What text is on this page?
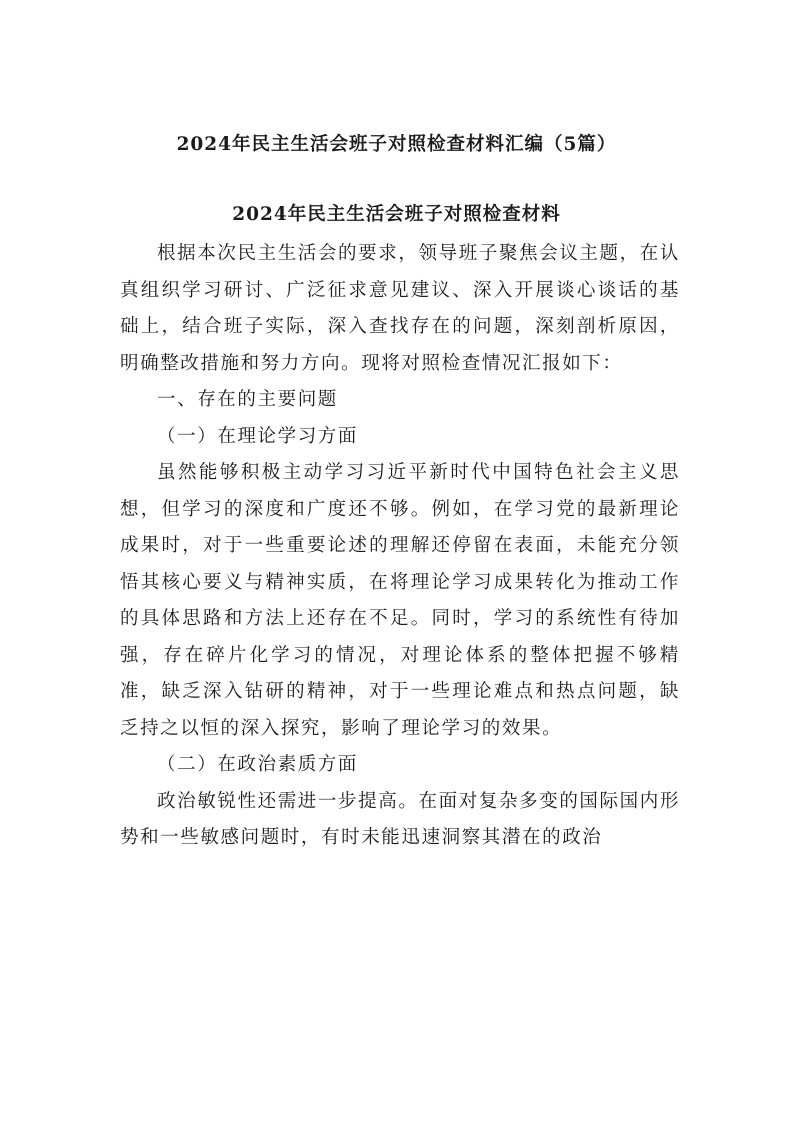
2024年民主生活会班子对照检查材料汇编（5篇）
2024年民主生活会班子对照检查材料

根据本次民主生活会的要求，领导班子聚焦会议主题，在认真组织学习研讨、广泛征求意见建议、深入开展谈心谈话的基础上，结合班子实际，深入查找存在的问题，深刻剖析原因，明确整改措施和努力方向。现将对照检查情况汇报如下：

一、存在的主要问题

（一）在理论学习方面

虽然能够积极主动学习习近平新时代中国特色社会主义思想，但学习的深度和广度还不够。例如，在学习党的最新理论成果时，对于一些重要论述的理解还停留在表面，未能充分领悟其核心要义与精神实质，在将理论学习成果转化为推动工作的具体思路和方法上还存在不足。同时，学习的系统性有待加强，存在碎片化学习的情况，对理论体系的整体把握不够精准，缺乏深入钻研的精神，对于一些理论难点和热点问题，缺乏持之以恒的深入探究，影响了理论学习的效果。

（二）在政治素质方面

政治敏锐性还需进一步提高。在面对复杂多变的国际国内形势和一些敏感问题时，有时未能迅速洞察其潜在的政治
